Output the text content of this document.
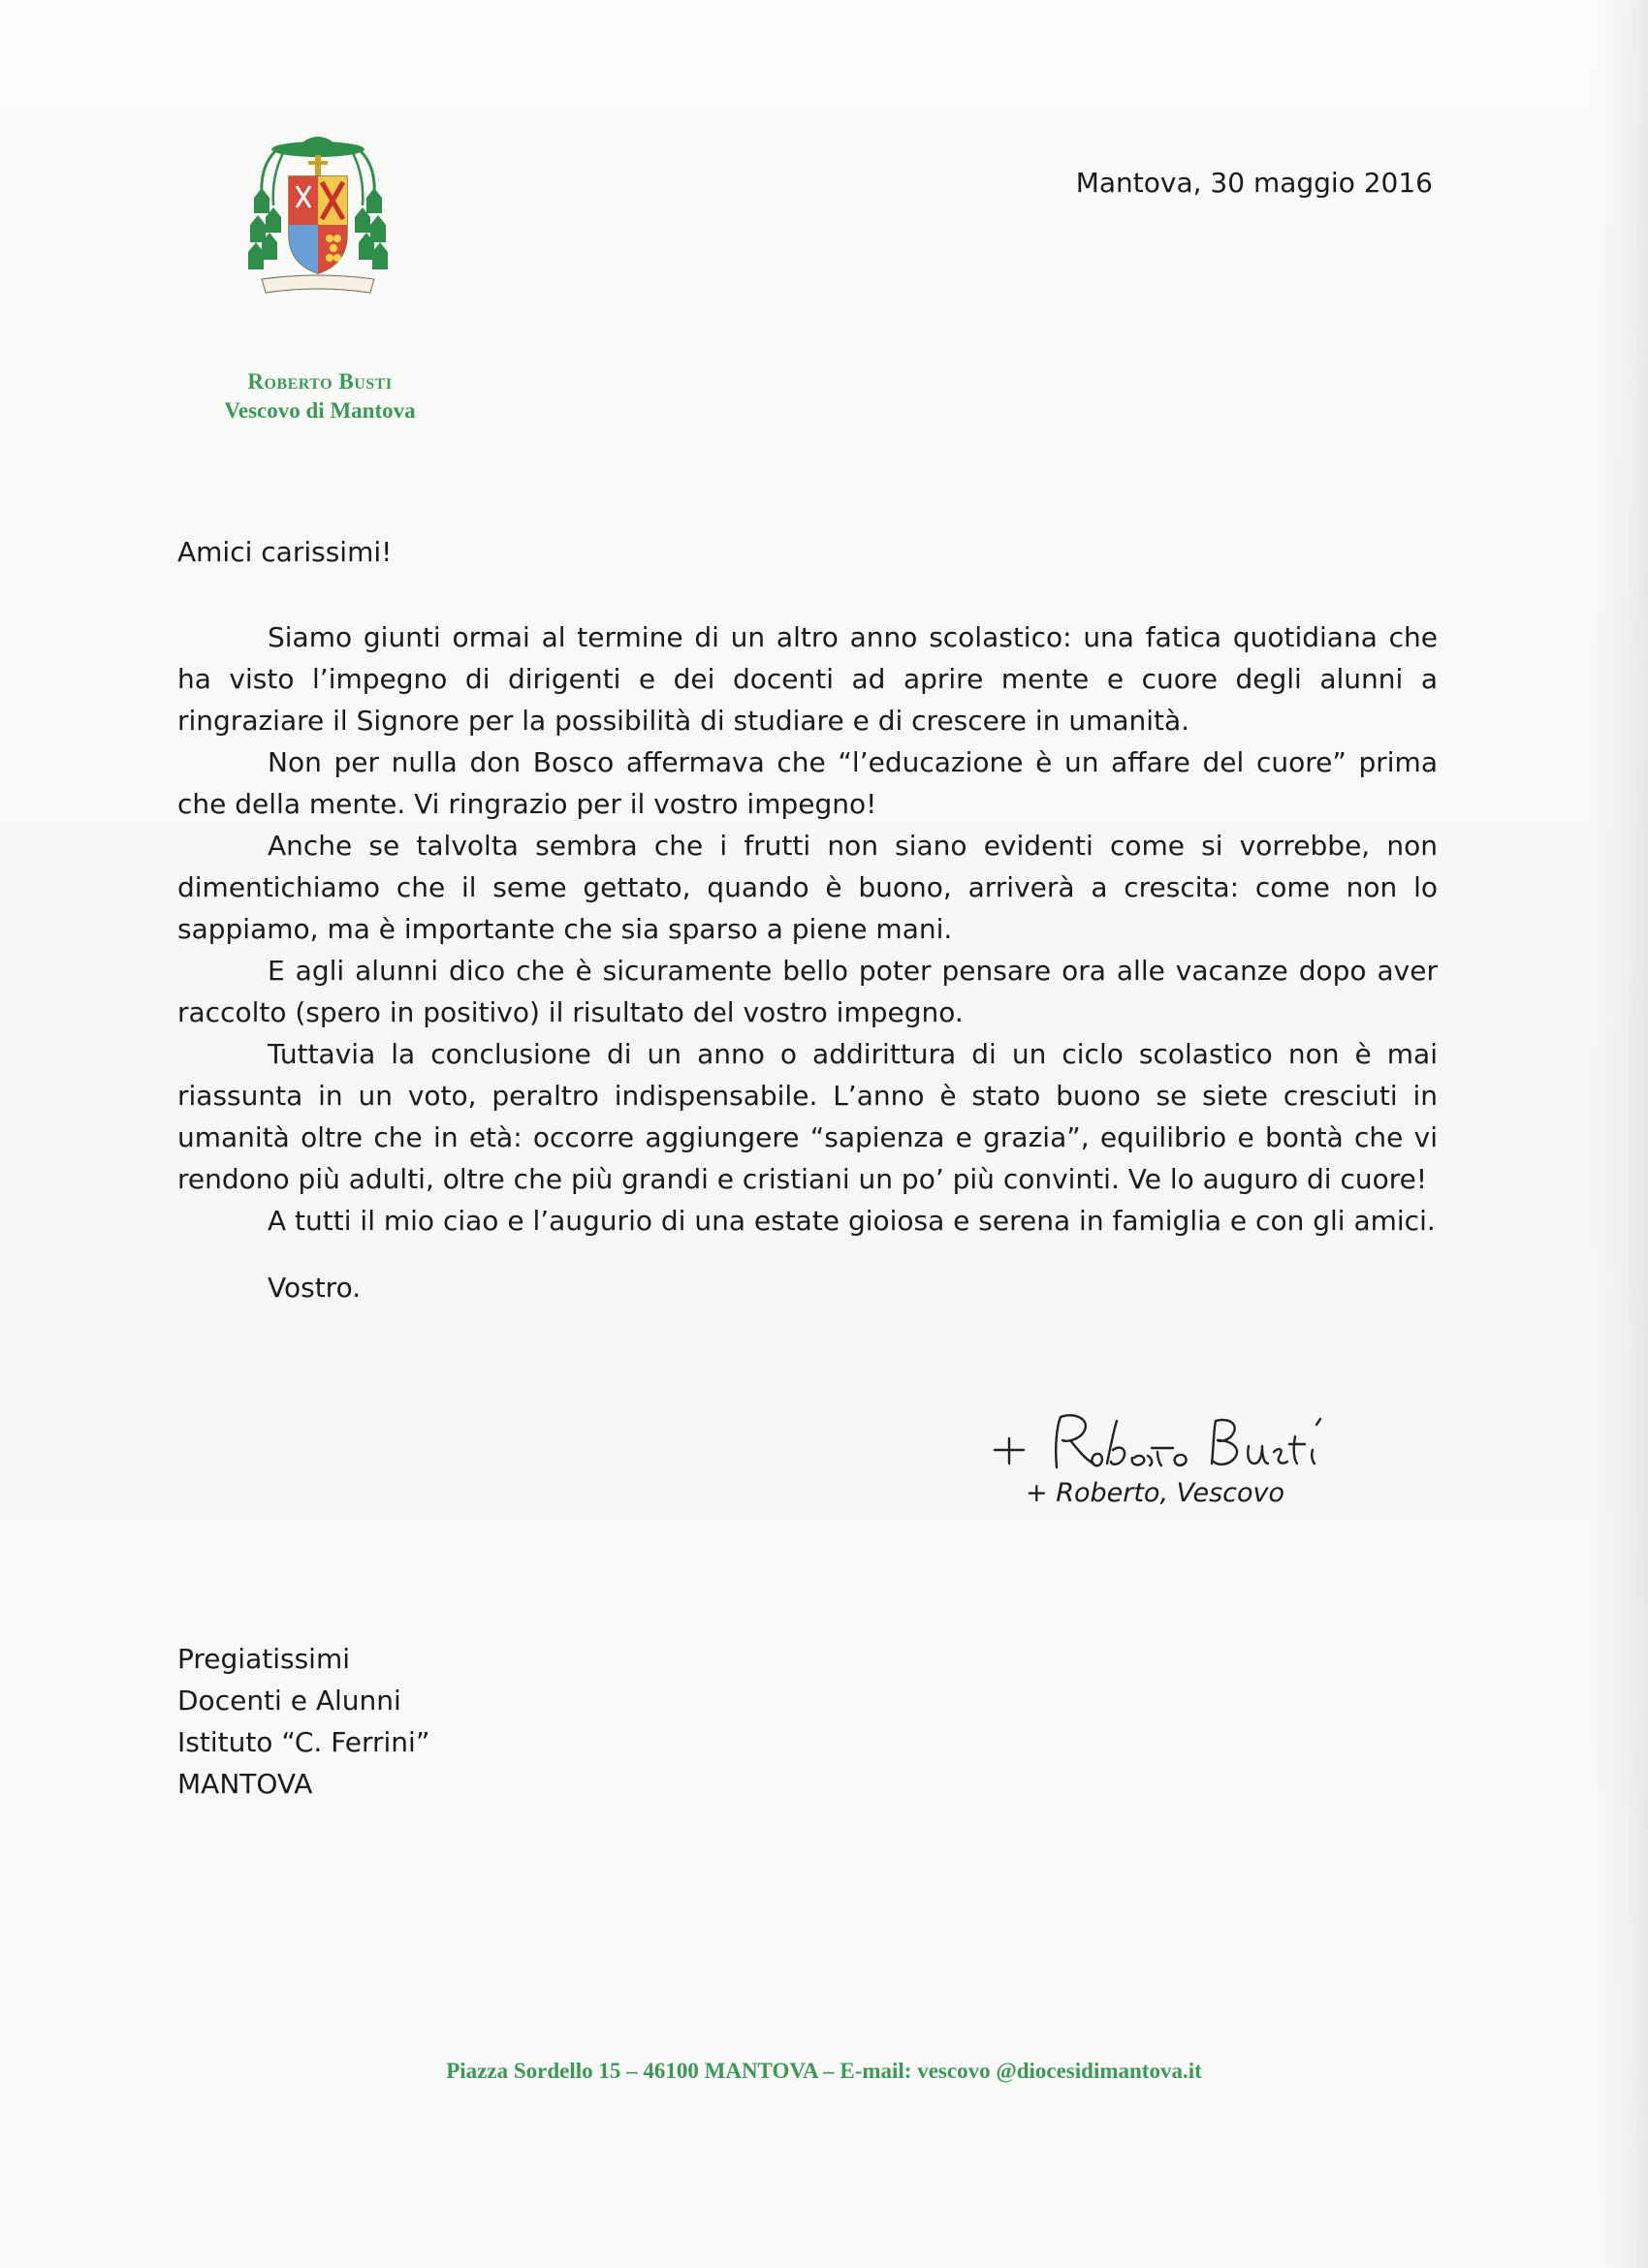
Roberto Busti
Vescovo di Mantova
Mantova, 30 maggio 2016
Amici carissimi!

Siamo giunti ormai al termine di un altro anno scolastico: una fatica quotidiana che ha visto l’impegno di dirigenti e dei docenti ad aprire mente e cuore degli alunni a ringraziare il Signore per la possibilità di studiare e di crescere in umanità.

Non per nulla don Bosco affermava che “l’educazione è un affare del cuore” prima che della mente. Vi ringrazio per il vostro impegno!

Anche se talvolta sembra che i frutti non siano evidenti come si vorrebbe, non dimentichiamo che il seme gettato, quando è buono, arriverà a crescita: come non lo sappiamo, ma è importante che sia sparso a piene mani.

E agli alunni dico che è sicuramente bello poter pensare ora alle vacanze dopo aver raccolto (spero in positivo) il risultato del vostro impegno.

Tuttavia la conclusione di un anno o addirittura di un ciclo scolastico non è mai riassunta in un voto, peraltro indispensabile. L’anno è stato buono se siete cresciuti in umanità oltre che in età: occorre aggiungere “sapienza e grazia”, equilibrio e bontà che vi rendono più adulti, oltre che più grandi e cristiani un po’ più convinti. Ve lo auguro di cuore!

A tutti il mio ciao e l’augurio di una estate gioiosa e serena in famiglia e con gli amici.

Vostro.
+ Roberto, Vescovo
Pregiatissimi
Docenti e Alunni
Istituto “C. Ferrini”
MANTOVA
Piazza Sordello 15 – 46100 MANTOVA – E-mail: vescovo @diocesidimantova.it
